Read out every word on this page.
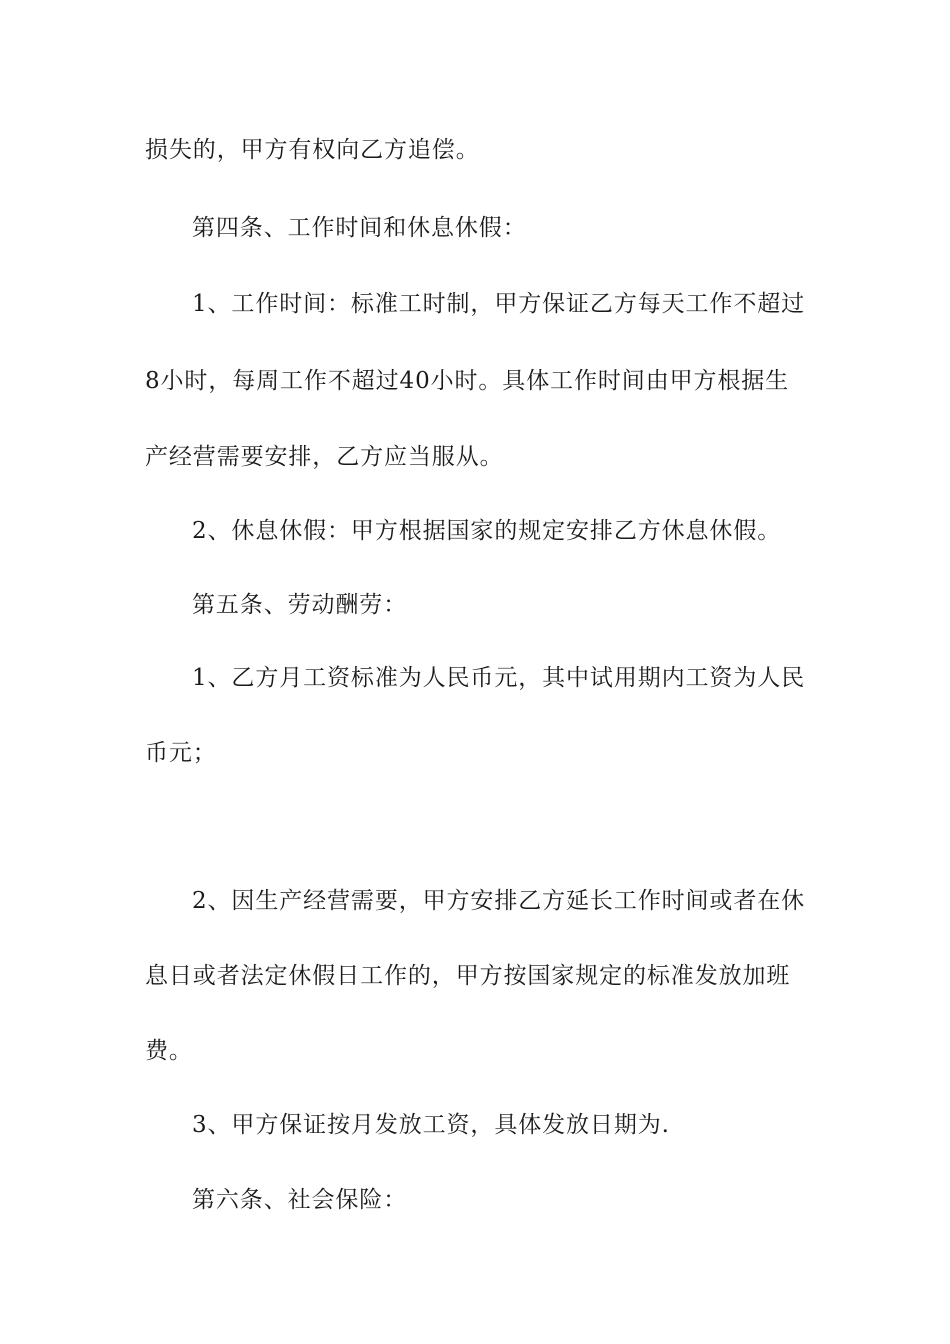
损失的，甲方有权向乙方追偿。
第四条、工作时间和休息休假：
1、工作时间：标准工时制，甲方保证乙方每天工作不超过
8小时，每周工作不超过40小时。具体工作时间由甲方根据生
产经营需要安排，乙方应当服从。
2、休息休假：甲方根据国家的规定安排乙方休息休假。
第五条、劳动酬劳：
1、乙方月工资标准为人民币元，其中试用期内工资为人民
币元；
2、因生产经营需要，甲方安排乙方延长工作时间或者在休
息日或者法定休假日工作的，甲方按国家规定的标准发放加班
费。
3、甲方保证按月发放工资，具体发放日期为.
第六条、社会保险：
